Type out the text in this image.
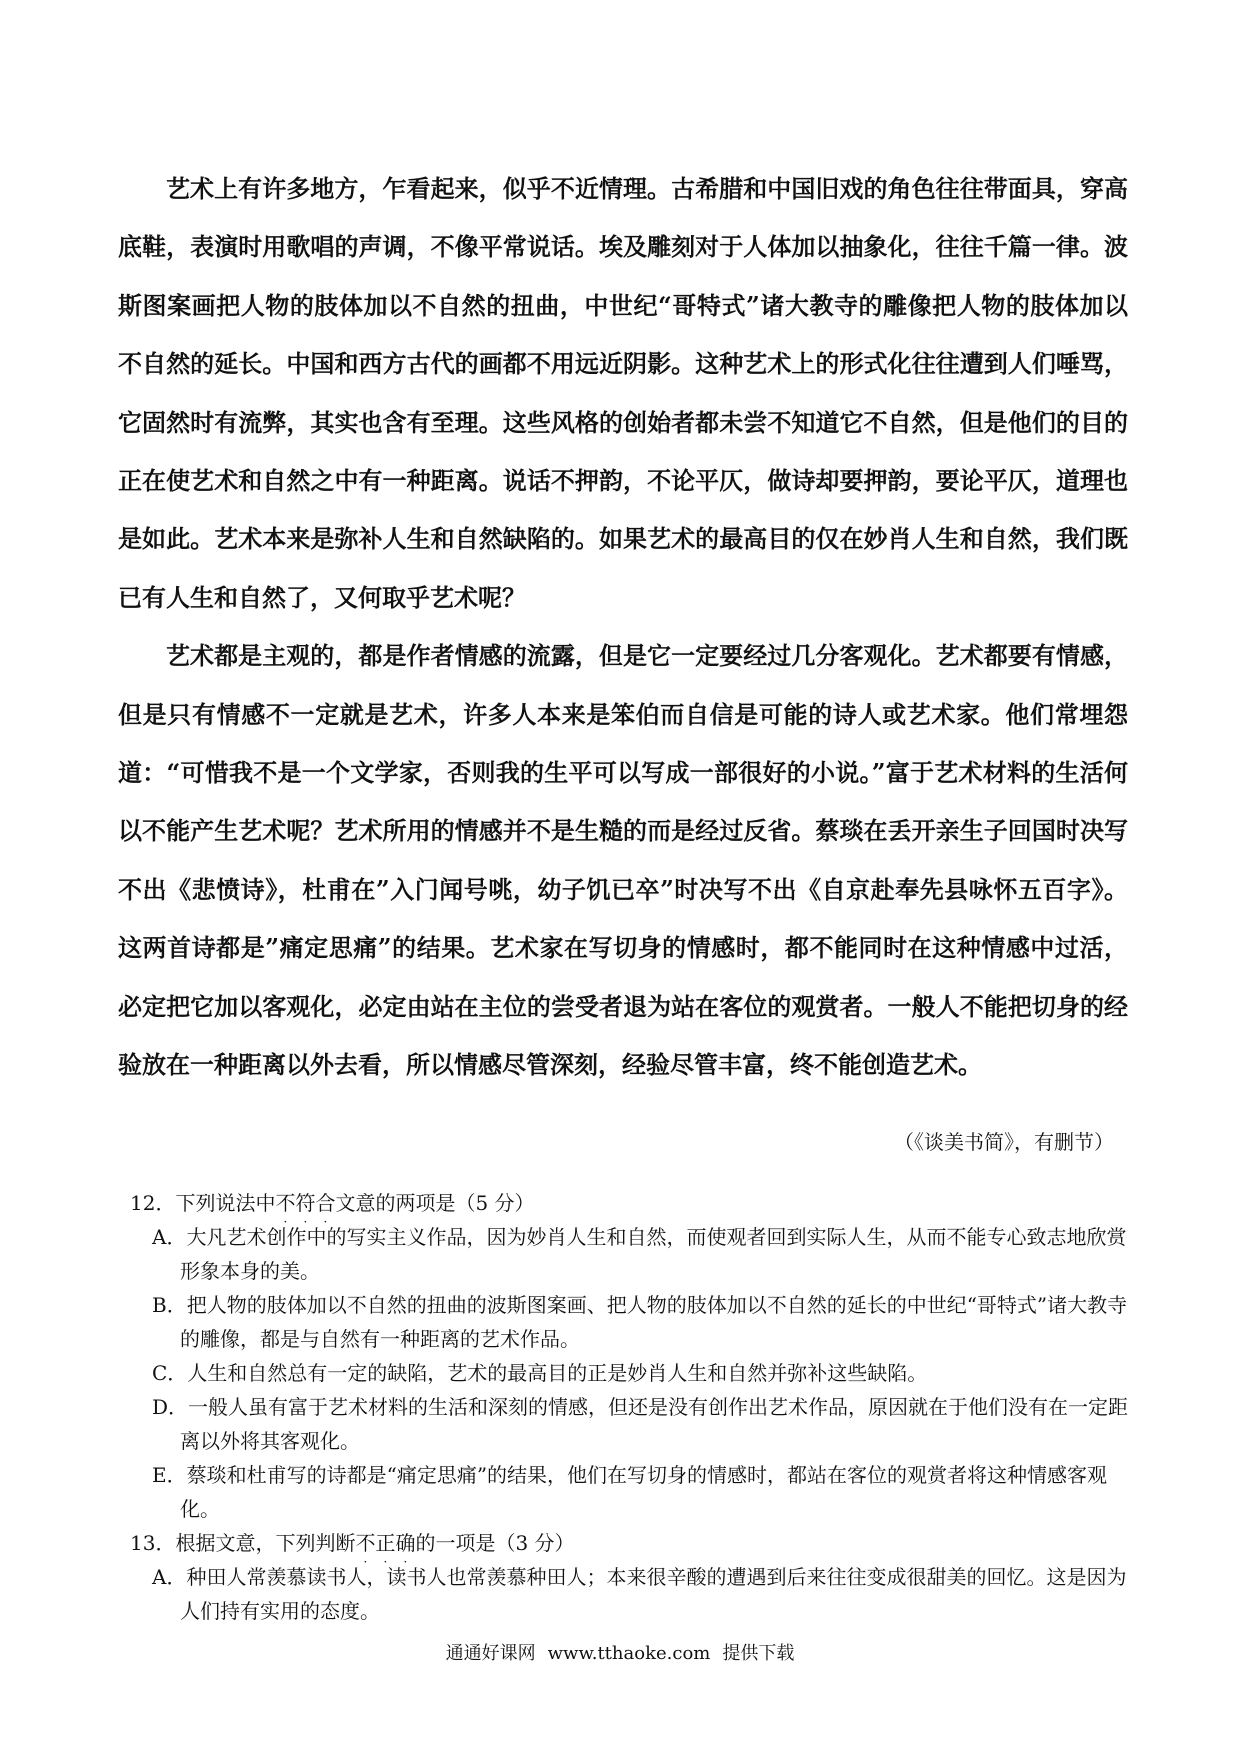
艺术上有许多地方，乍看起来，似乎不近情理。古希腊和中国旧戏的角色往往带面具，穿高底鞋，表演时用歌唱的声调，不像平常说话。埃及雕刻对于人体加以抽象化，往往千篇一律。波斯图案画把人物的肢体加以不自然的扭曲，中世纪“哥特式”诸大教寺的雕像把人物的肢体加以不自然的延长。中国和西方古代的画都不用远近阴影。这种艺术上的形式化往往遭到人们唾骂，它固然时有流弊，其实也含有至理。这些风格的创始者都未尝不知道它不自然，但是他们的目的正在使艺术和自然之中有一种距离。说话不押韵，不论平仄，做诗却要押韵，要论平仄，道理也是如此。艺术本来是弥补人生和自然缺陷的。如果艺术的最高目的仅在妙肖人生和自然，我们既已有人生和自然了，又何取乎艺术呢？

艺术都是主观的，都是作者情感的流露，但是它一定要经过几分客观化。艺术都要有情感，但是只有情感不一定就是艺术，许多人本来是笨伯而自信是可能的诗人或艺术家。他们常埋怨道：“可惜我不是一个文学家，否则我的生平可以写成一部很好的小说。”富于艺术材料的生活何以不能产生艺术呢？艺术所用的情感并不是生糙的而是经过反省。蔡琰在丢开亲生子回国时决写不出《悲愤诗》，杜甫在”入门闻号咷，幼子饥已卒”时决写不出《自京赴奉先县咏怀五百字》。这两首诗都是”痛定思痛”的结果。艺术家在写切身的情感时，都不能同时在这种情感中过活，必定把它加以客观化，必定由站在主位的尝受者退为站在客位的观赏者。一般人不能把切身的经验放在一种距离以外去看，所以情感尽管深刻，经验尽管丰富，终不能创造艺术。

（《谈美书简》，有删节）

12．下列说法中不
·
符
·
合
·
文意的两项是（5 分）

A．大凡艺术创作中的写实主义作品，因为妙肖人生和自然，而使观者回到实际人生，从而不能专心致志地欣赏形象本身的美。

B．把人物的肢体加以不自然的扭曲的波斯图案画、把人物的肢体加以不自然的延长的中世纪“哥特式”诸大教寺的雕像，都是与自然有一种距离的艺术作品。

C．人生和自然总有一定的缺陷，艺术的最高目的正是妙肖人生和自然并弥补这些缺陷。

D．一般人虽有富于艺术材料的生活和深刻的情感，但还是没有创作出艺术作品，原因就在于他们没有在一定距离以外将其客观化。

E．蔡琰和杜甫写的诗都是“痛定思痛”的结果，他们在写切身的情感时，都站在客位的观赏者将这种情感客观化。

13．根据文意，下列判断不
·
正
·
确
·
的一项是（3 分）

A．种田人常羡慕读书人，读书人也常羡慕种田人；本来很辛酸的遭遇到后来往往变成很甜美的回忆。这是因为人们持有实用的态度。

通通好课网 www.tthaoke.com 提供下载
